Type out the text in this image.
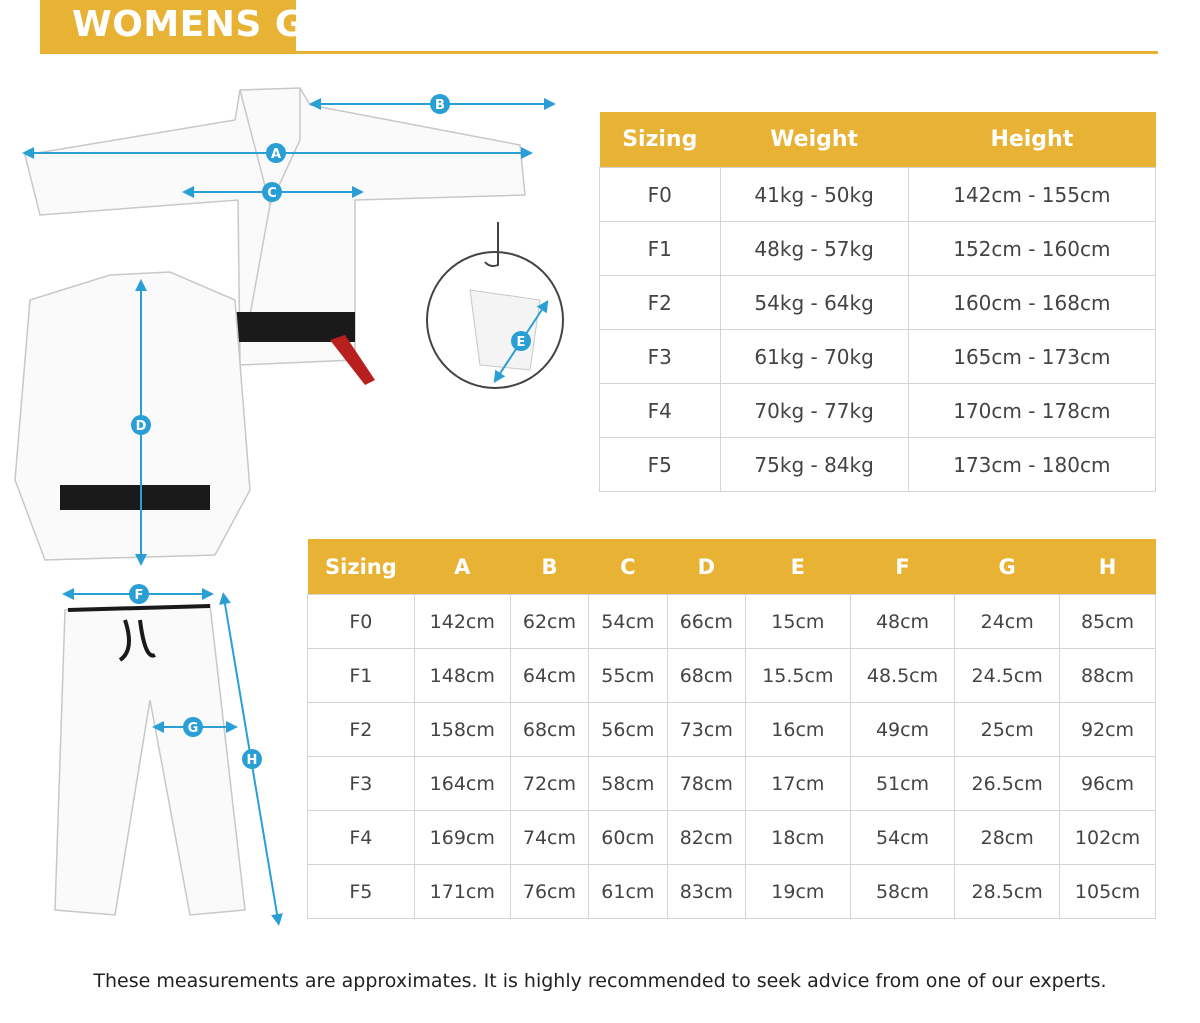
WOMENS GI
A
B
C
D
E
F
G
H
Sizing	Weight	Height
F0	41kg - 50kg	142cm - 155cm
F1	48kg - 57kg	152cm - 160cm
F2	54kg - 64kg	160cm - 168cm
F3	61kg - 70kg	165cm - 173cm
F4	70kg - 77kg	170cm - 178cm
F5	75kg - 84kg	173cm - 180cm
Sizing	A	B	C	D	E	F	G	H
F0	142cm	62cm	54cm	66cm	15cm	48cm	24cm	85cm
F1	148cm	64cm	55cm	68cm	15.5cm	48.5cm	24.5cm	88cm
F2	158cm	68cm	56cm	73cm	16cm	49cm	25cm	92cm
F3	164cm	72cm	58cm	78cm	17cm	51cm	26.5cm	96cm
F4	169cm	74cm	60cm	82cm	18cm	54cm	28cm	102cm
F5	171cm	76cm	61cm	83cm	19cm	58cm	28.5cm	105cm
These measurements are approximates. It is highly recommended to seek advice from one of our experts.
